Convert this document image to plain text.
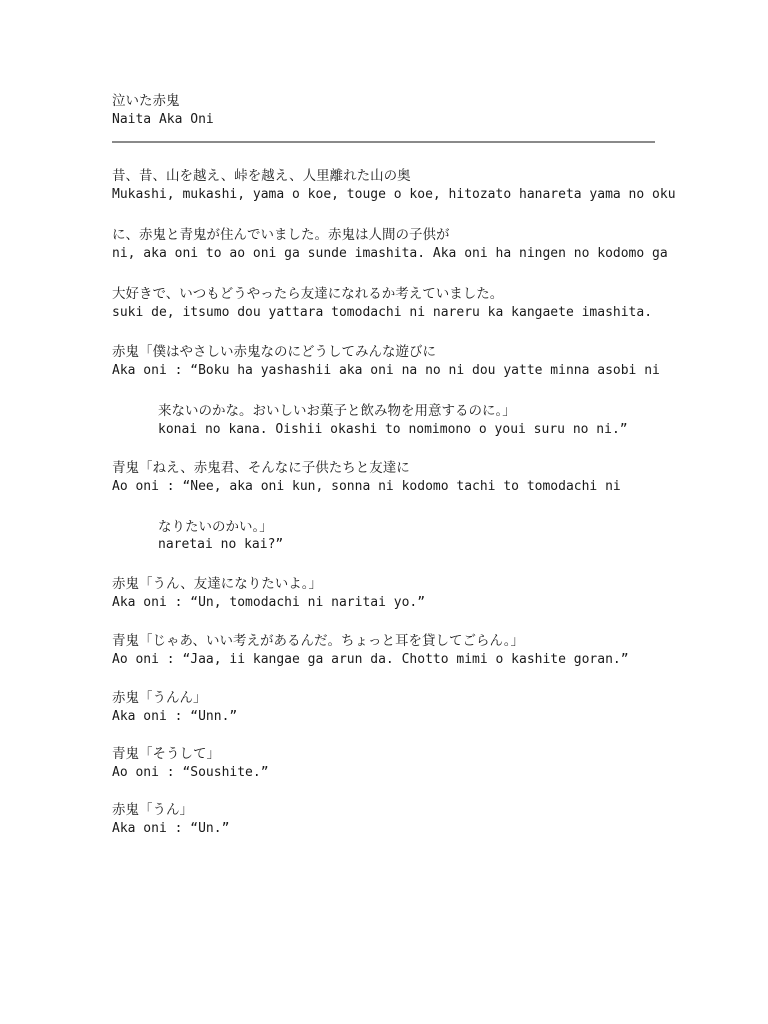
泣いた赤鬼
Naita Aka Oni
昔、昔、山を越え、峠を越え、人里離れた山の奥
Mukashi, mukashi, yama o koe, touge o koe, hitozato hanareta yama no oku
に、赤鬼と青鬼が住んでいました。赤鬼は人間の子供が
ni, aka oni to ao oni ga sunde imashita. Aka oni ha ningen no kodomo ga
大好きで、いつもどうやったら友達になれるか考えていました。
suki de, itsumo dou yattara tomodachi ni nareru ka kangaete imashita.
赤鬼「僕はやさしい赤鬼なのにどうしてみんな遊びに
Aka oni : “Boku ha yashashii aka oni na no ni dou yatte minna asobi ni
来ないのかな。おいしいお菓子と飲み物を用意するのに。」
konai no kana. Oishii okashi to nomimono o youi suru no ni.”
青鬼「ねえ、赤鬼君、そんなに子供たちと友達に
Ao oni : “Nee, aka oni kun, sonna ni kodomo tachi to tomodachi ni
なりたいのかい。」
naretai no kai?”
赤鬼「うん、友達になりたいよ。」
Aka oni : “Un, tomodachi ni naritai yo.”
青鬼「じゃあ、いい考えがあるんだ。ちょっと耳を貸してごらん。」
Ao oni : “Jaa, ii kangae ga arun da. Chotto mimi o kashite goran.”
赤鬼「うんん」
Aka oni : “Unn.”
青鬼「そうして」
Ao oni : “Soushite.”
赤鬼「うん」
Aka oni : “Un.”
